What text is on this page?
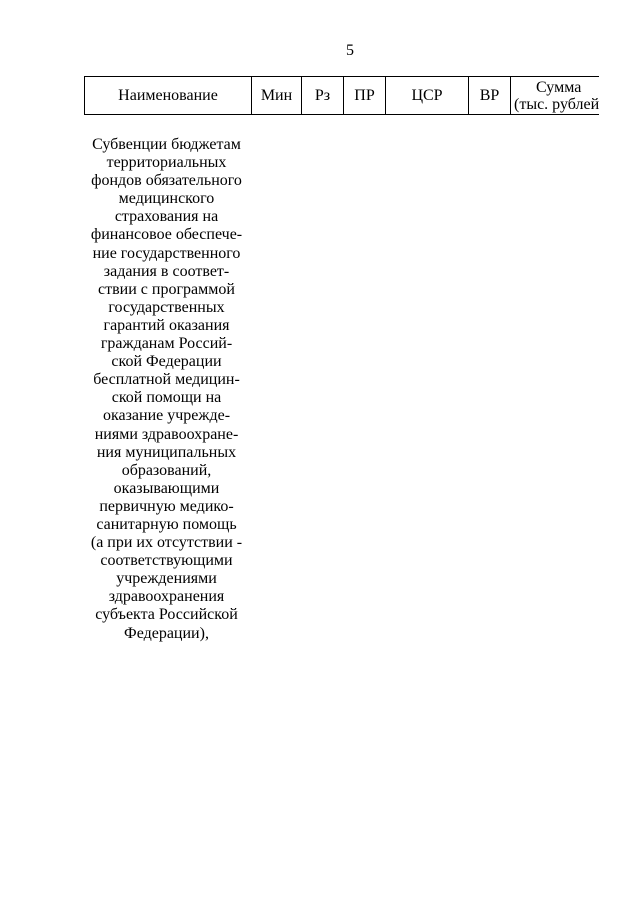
5
Наименование	Мин	Рз	ПР	ЦСР	ВР	Сумма
(тыс. рублей
Субвенции бюджетам
территориальных
фондов обязательного
медицинского
страхования на
финансовое обеспече-
ние государственного
задания в соответ-
ствии с программой
государственных
гарантий оказания
гражданам Россий-
ской Федерации
бесплатной медицин-
ской помощи на
оказание учрежде-
ниями здравоохране-
ния муниципальных
образований,
оказывающими
первичную медико-
санитарную помощь
(а при их отсутствии -
соответствующими
учреждениями
здравоохранения
субъекта Российской
Федерации),
